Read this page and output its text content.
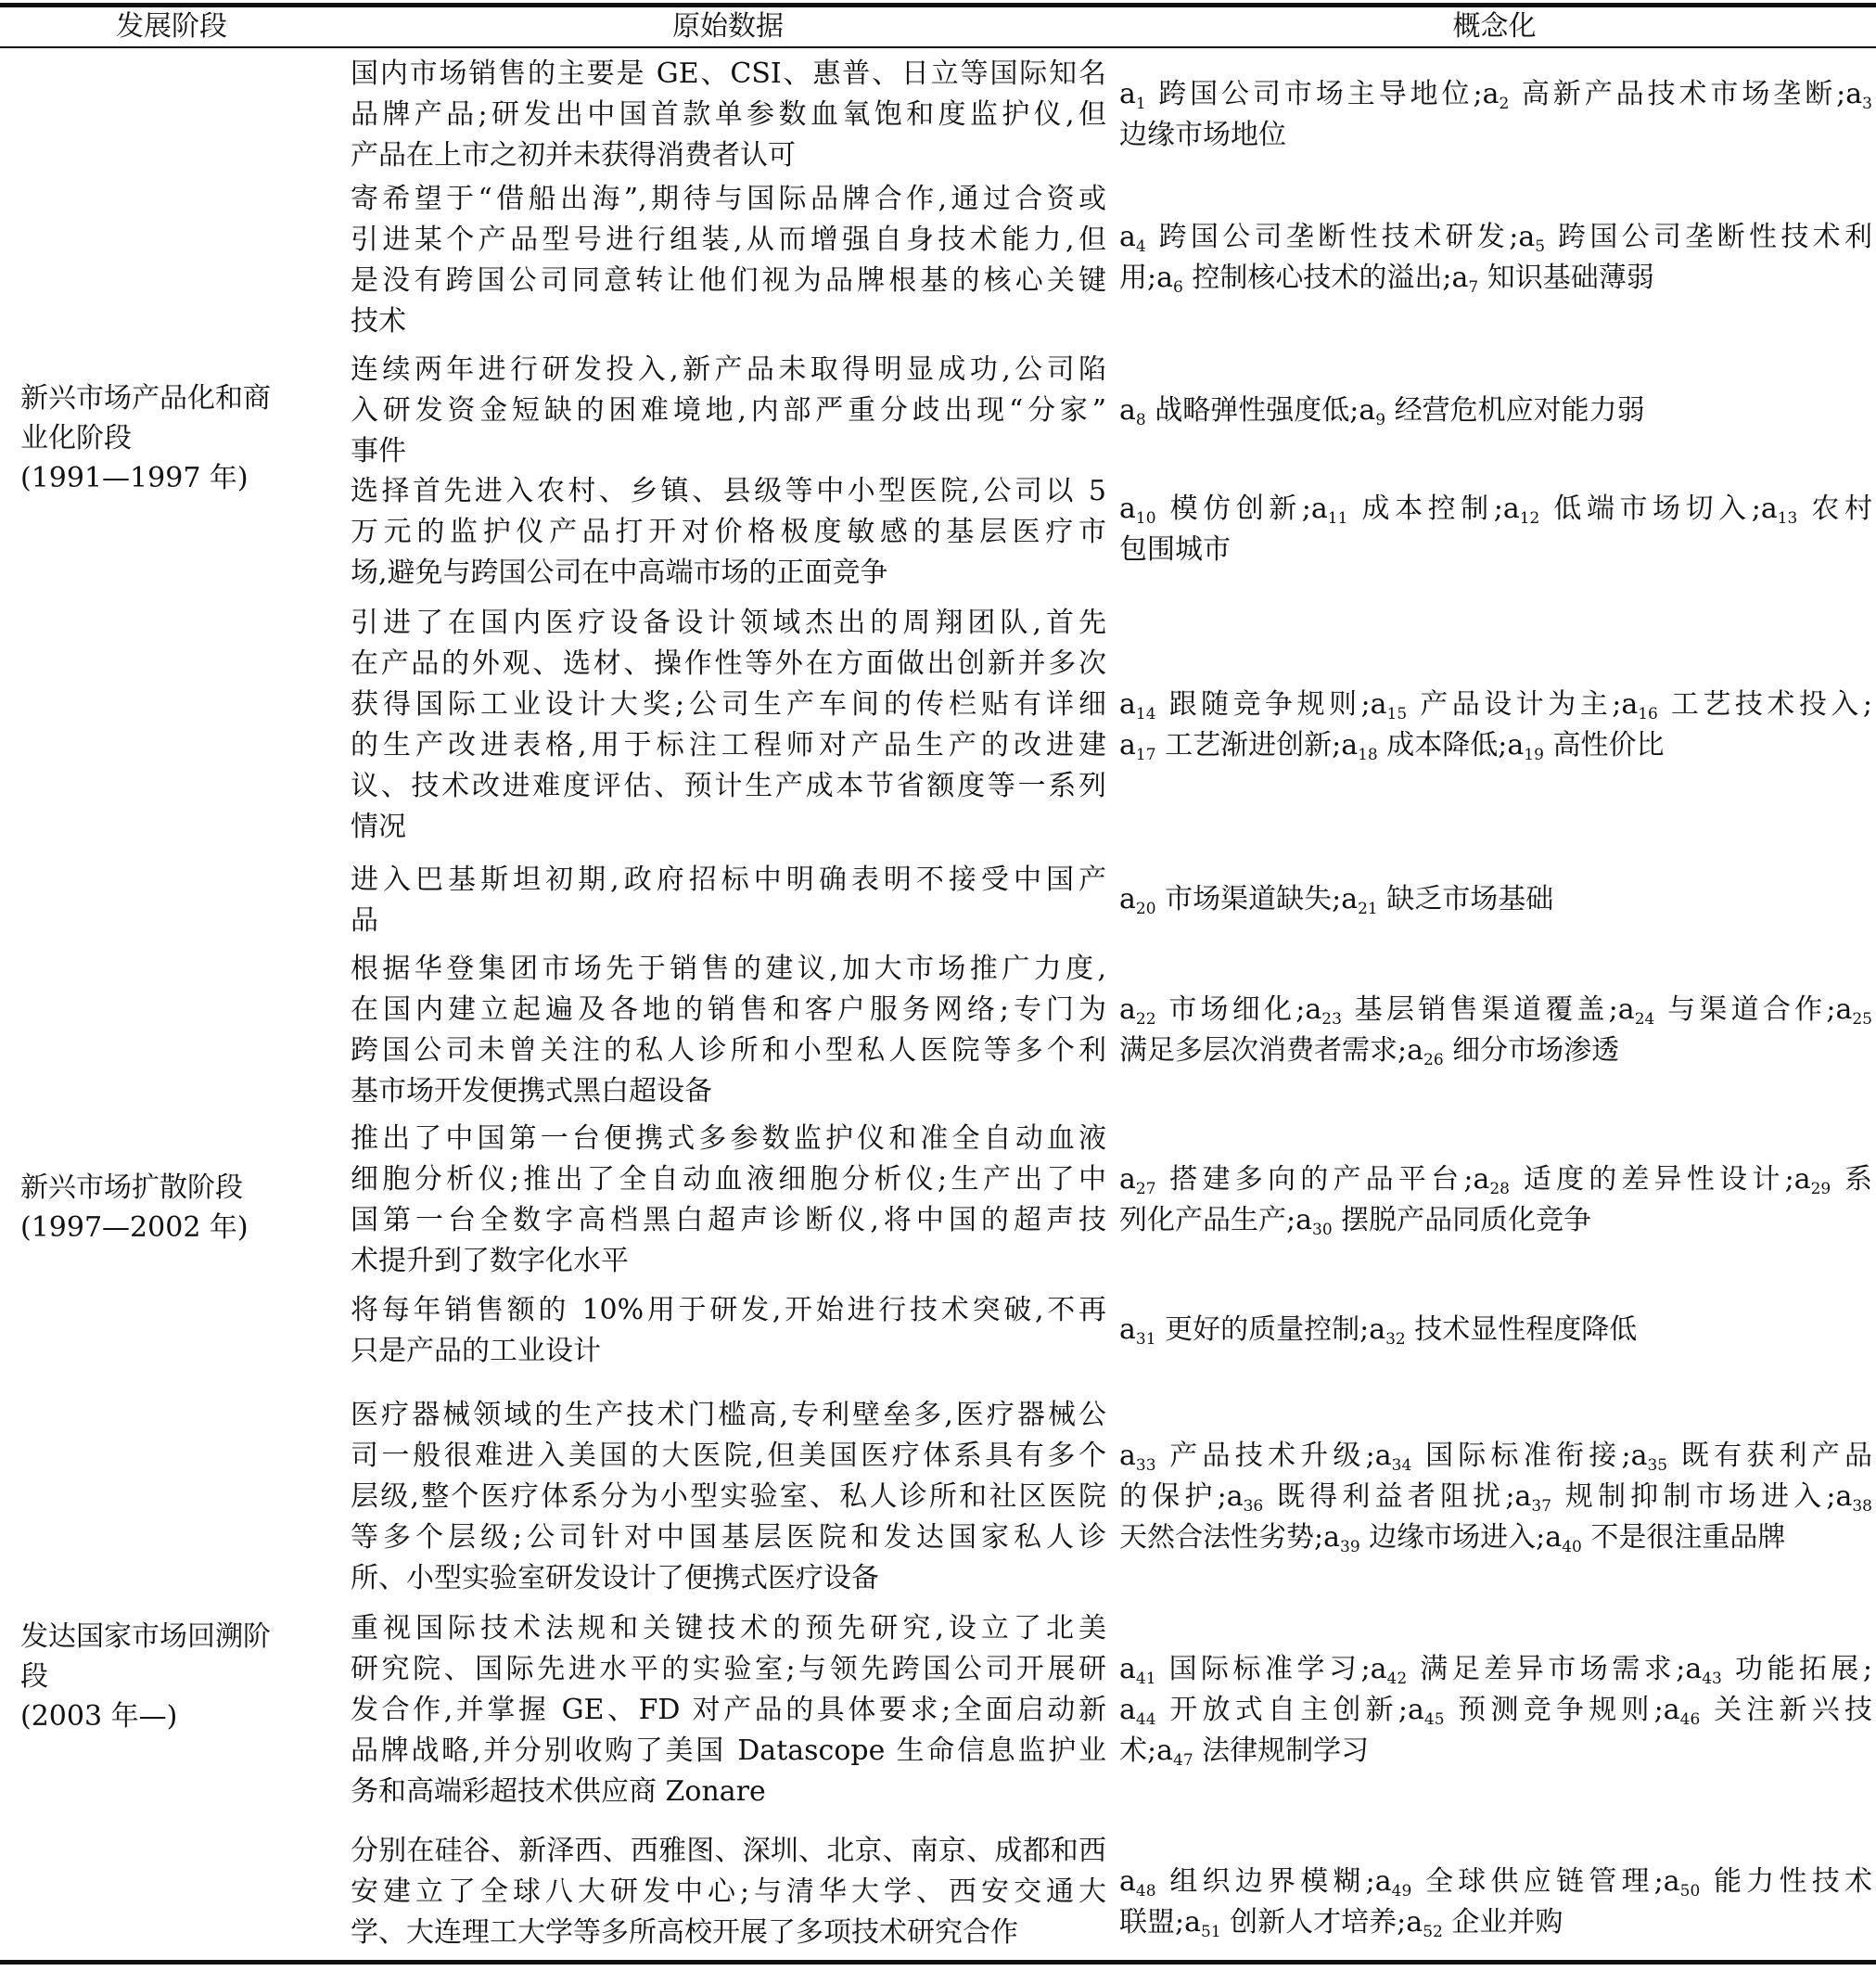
发展阶段	原始数据	概念化
新兴市场产品化和商
业化阶段
(1991—1997 年)
新兴市场扩散阶段
(1997—2002 年)
发达国家市场回溯阶
段
(2003 年—)
国内市场销售的主要是 GE、CSI、惠普、日立等国际知名
品牌产品;研发出中国首款单参数血氧饱和度监护仪,但
产品在上市之初并未获得消费者认可
$a_1$ 跨国公司市场主导地位$;a_2$ 高新产品技术市场垄断$;a_3$
边缘市场地位
寄希望于“借船出海”,期待与国际品牌合作,通过合资或
引进某个产品型号进行组装,从而增强自身技术能力,但
是没有跨国公司同意转让他们视为品牌根基的核心关键
技术
$a_4$ 跨国公司垄断性技术研发$;a_5$ 跨国公司垄断性技术利
用$;a_6$ 控制核心技术的溢出$;a_7$ 知识基础薄弱
连续两年进行研发投入,新产品未取得明显成功,公司陷
入研发资金短缺的困难境地,内部严重分歧出现“分家”
事件
$a_8$ 战略弹性强度低$;a_9$ 经营危机应对能力弱
选择首先进入农村、乡镇、县级等中小型医院,公司以 5
万元的监护仪产品打开对价格极度敏感的基层医疗市
场,避免与跨国公司在中高端市场的正面竞争
$a_{10}$ 模仿创新$;a_{11}$ 成本控制$;a_{12}$ 低端市场切入$;a_{13}$ 农村
包围城市
引进了在国内医疗设备设计领域杰出的周翔团队,首先
在产品的外观、选材、操作性等外在方面做出创新并多次
获得国际工业设计大奖;公司生产车间的传栏贴有详细
的生产改进表格,用于标注工程师对产品生产的改进建
议、技术改进难度评估、预计生产成本节省额度等一系列
情况
$a_{14}$ 跟随竞争规则$;a_{15}$ 产品设计为主$;a_{16}$ 工艺技术投入;
$a_{17}$ 工艺渐进创新$;a_{18}$ 成本降低$;a_{19}$ 高性价比
进入巴基斯坦初期,政府招标中明确表明不接受中国产
品
$a_{20}$ 市场渠道缺失$;a_{21}$ 缺乏市场基础
根据华登集团市场先于销售的建议,加大市场推广力度,
在国内建立起遍及各地的销售和客户服务网络;专门为
跨国公司未曾关注的私人诊所和小型私人医院等多个利
基市场开发便携式黑白超设备
$a_{22}$ 市场细化$;a_{23}$ 基层销售渠道覆盖$;a_{24}$ 与渠道合作$;a_{25}$
满足多层次消费者需求$;a_{26}$ 细分市场渗透
推出了中国第一台便携式多参数监护仪和准全自动血液
细胞分析仪;推出了全自动血液细胞分析仪;生产出了中
国第一台全数字高档黑白超声诊断仪,将中国的超声技
术提升到了数字化水平
$a_{27}$ 搭建多向的产品平台$;a_{28}$ 适度的差异性设计$;a_{29}$ 系
列化产品生产$;a_{30}$ 摆脱产品同质化竞争
将每年销售额的 10%用于研发,开始进行技术突破,不再
只是产品的工业设计
$a_{31}$ 更好的质量控制$;a_{32}$ 技术显性程度降低
医疗器械领域的生产技术门槛高,专利壁垒多,医疗器械公
司一般很难进入美国的大医院,但美国医疗体系具有多个
层级,整个医疗体系分为小型实验室、私人诊所和社区医院
等多个层级;公司针对中国基层医院和发达国家私人诊
所、小型实验室研发设计了便携式医疗设备
$a_{33}$ 产品技术升级$;a_{34}$ 国际标准衔接$;a_{35}$ 既有获利产品
的保护$;a_{36}$ 既得利益者阻扰$;a_{37}$ 规制抑制市场进入$;a_{38}$
天然合法性劣势$;a_{39}$ 边缘市场进入$;a_{40}$ 不是很注重品牌
重视国际技术法规和关键技术的预先研究,设立了北美
研究院、国际先进水平的实验室;与领先跨国公司开展研
发合作,并掌握 GE、FD 对产品的具体要求;全面启动新
品牌战略,并分别收购了美国 Datascope 生命信息监护业
务和高端彩超技术供应商 Zonare
$a_{41}$ 国际标准学习$;a_{42}$ 满足差异市场需求$;a_{43}$ 功能拓展;
$a_{44}$ 开放式自主创新$;a_{45}$ 预测竞争规则$;a_{46}$ 关注新兴技
术$;a_{47}$ 法律规制学习
分别在硅谷、新泽西、西雅图、深圳、北京、南京、成都和西
安建立了全球八大研发中心;与清华大学、西安交通大
学、大连理工大学等多所高校开展了多项技术研究合作
$a_{48}$ 组织边界模糊$;a_{49}$ 全球供应链管理$;a_{50}$ 能力性技术
联盟$;a_{51}$ 创新人才培养$;a_{52}$ 企业并购
